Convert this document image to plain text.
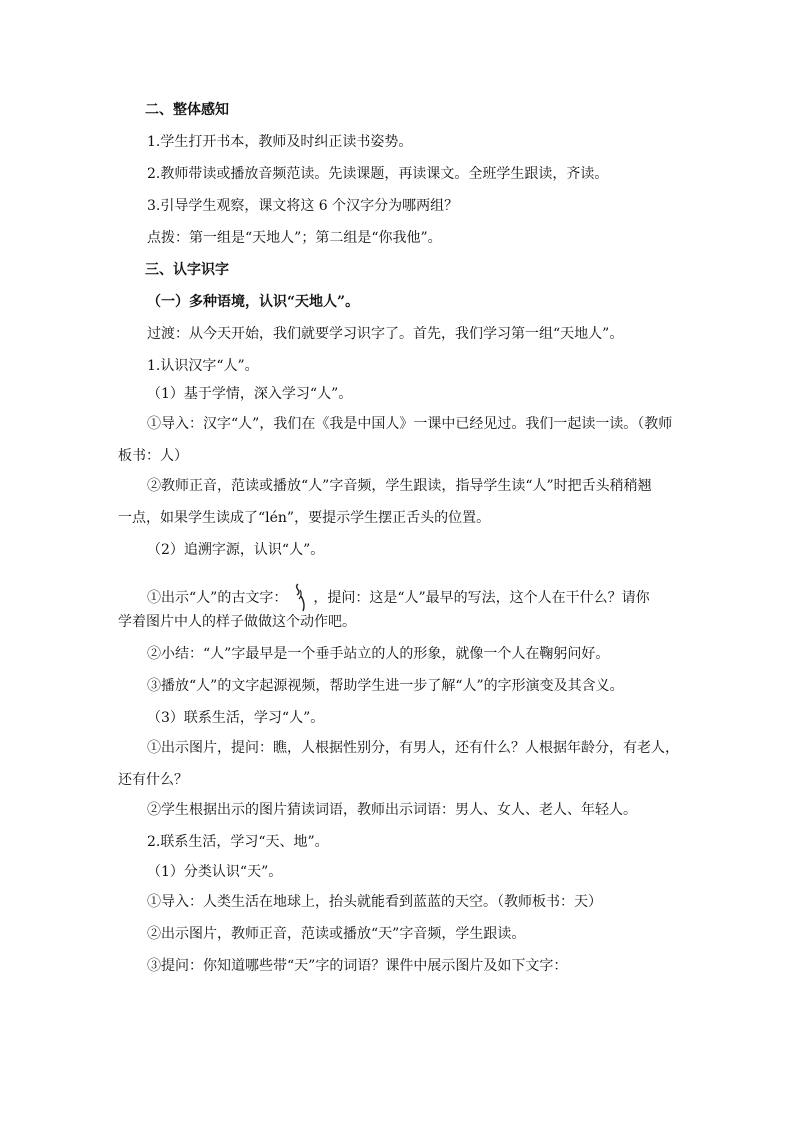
二、整体感知
1.学生打开书本，教师及时纠正读书姿势。
2.教师带读或播放音频范读。先读课题，再读课文。全班学生跟读，齐读。
3.引导学生观察，课文将这 6 个汉字分为哪两组？
点拨：第一组是“天地人”；第二组是“你我他”。
三、认字识字
（一）多种语境，认识“天地人”。
过渡：从今天开始，我们就要学习识字了。首先，我们学习第一组“天地人”。
1.认识汉字“人”。
（1）基于学情，深入学习“人”。
①导入：汉字“人”，我们在《我是中国人》一课中已经见过。我们一起读一读。（教师
板书：人）
②教师正音，范读或播放“人”字音频，学生跟读，指导学生读“人”时把舌头稍稍翘
一点，如果学生读成了“lén”，要提示学生摆正舌头的位置。
（2）追溯字源，认识“人”。
①出示“人”的古文字： ，提问：这是“人”最早的写法，这个人在干什么？请你
学着图片中人的样子做做这个动作吧。
②小结：“人”字最早是一个垂手站立的人的形象，就像一个人在鞠躬问好。
③播放“人”的文字起源视频，帮助学生进一步了解“人”的字形演变及其含义。
（3）联系生活，学习“人”。
①出示图片，提问：瞧，人根据性别分，有男人，还有什么？人根据年龄分，有老人，
还有什么？
②学生根据出示的图片猜读词语，教师出示词语：男人、女人、老人、年轻人。
2.联系生活，学习“天、地”。
（1）分类认识“天”。
①导入：人类生活在地球上，抬头就能看到蓝蓝的天空。（教师板书：天）
②出示图片，教师正音，范读或播放“天”字音频，学生跟读。
③提问：你知道哪些带“天”字的词语？课件中展示图片及如下文字：
